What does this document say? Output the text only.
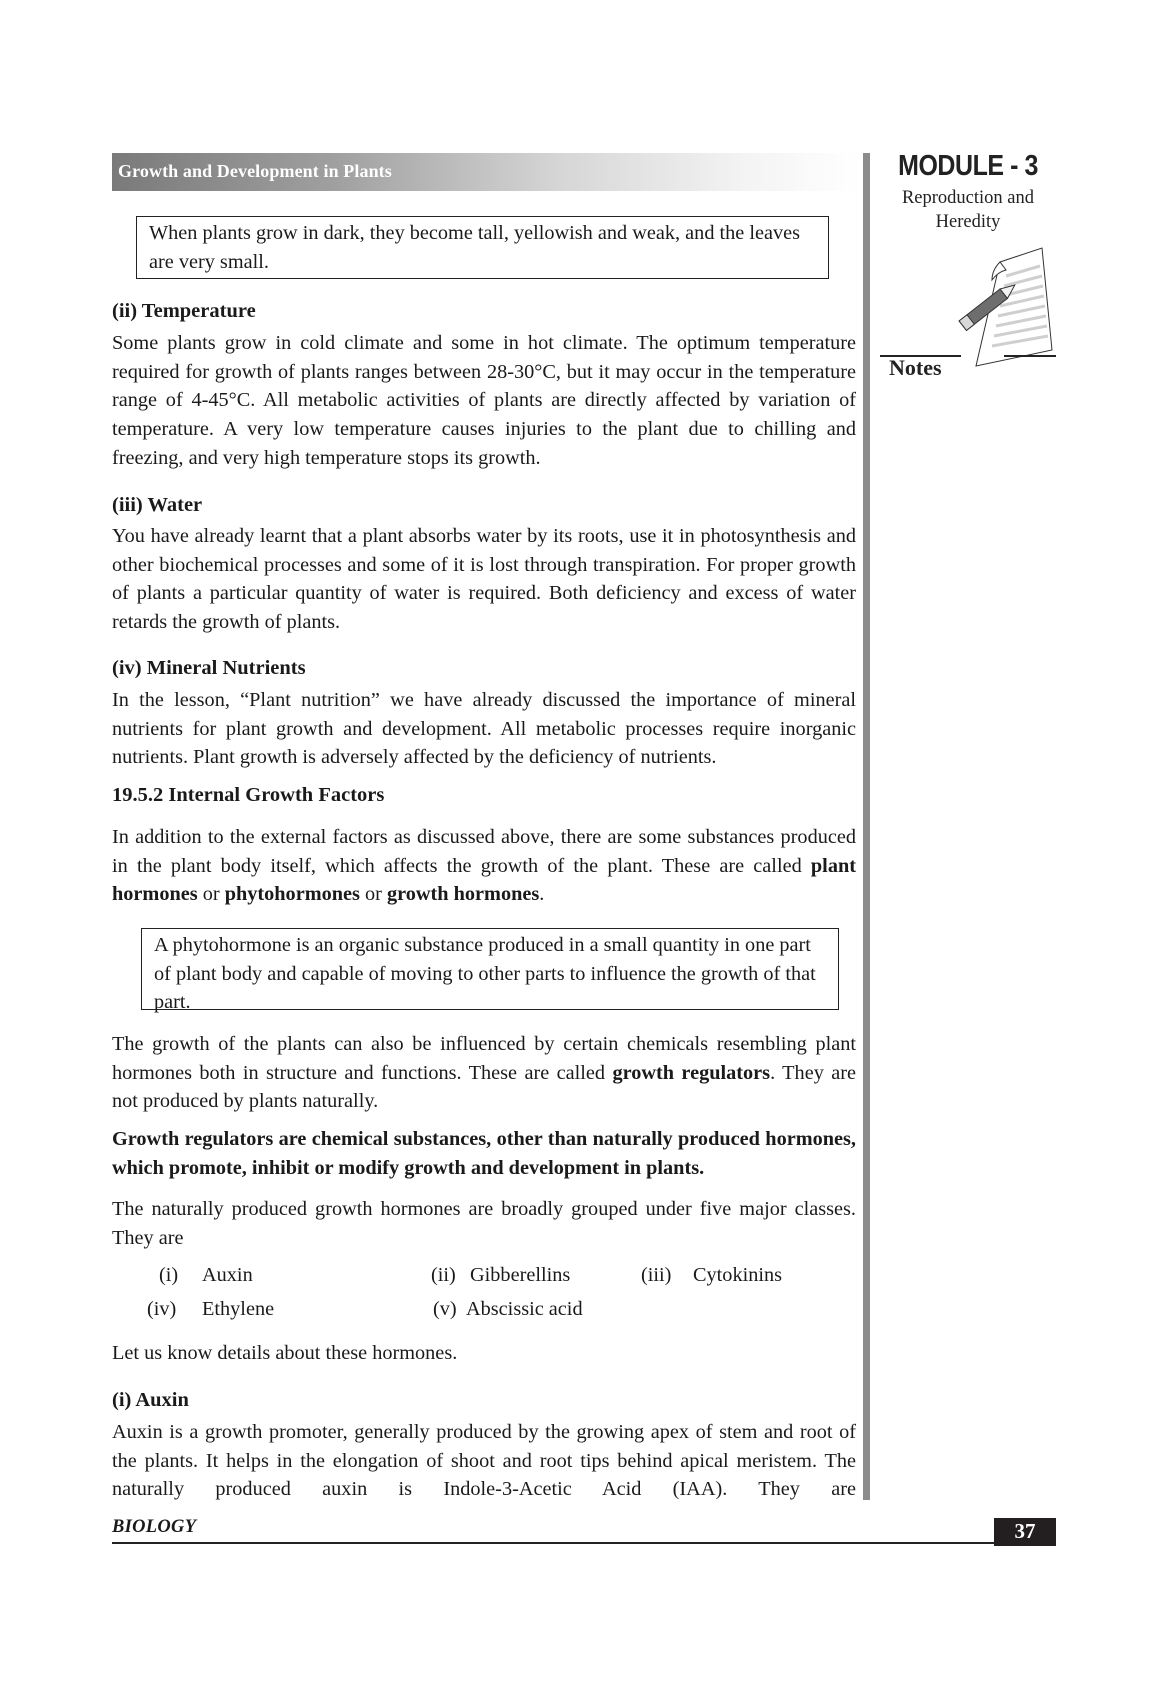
Growth and Development in Plants	MODULE - 3
Reproduction and
Heredity
Notes
When plants grow in dark, they become tall, yellowish and weak, and the leaves are very small.
(ii) Temperature
Some plants grow in cold climate and some in hot climate. The optimum temperature required for growth of plants ranges between 28-30°C, but it may occur in the temperature range of 4-45°C. All metabolic activities of plants are directly affected by variation of temperature. A very low temperature causes injuries to the plant due to chilling and freezing, and very high temperature stops its growth.
(iii) Water
You have already learnt that a plant absorbs water by its roots, use it in photosynthesis and other biochemical processes and some of it is lost through transpiration. For proper growth of plants a particular quantity of water is required. Both deficiency and excess of water retards the growth of plants.
(iv) Mineral Nutrients
In the lesson, “Plant nutrition” we have already discussed the importance of mineral nutrients for plant growth and development. All metabolic processes require inorganic nutrients. Plant growth is adversely affected by the deficiency of nutrients.
19.5.2 Internal Growth Factors
In addition to the external factors as discussed above, there are some substances produced in the plant body itself, which affects the growth of the plant. These are called plant hormones or phytohormones or growth hormones.
A phytohormone is an organic substance produced in a small quantity in one part of plant body and capable of moving to other parts to influence the growth of that part.
The growth of the plants can also be influenced by certain chemicals resembling plant hormones both in structure and functions. These are called growth regulators. They are not produced by plants naturally.
Growth regulators are chemical substances, other than naturally produced hormones, which promote, inhibit or modify growth and development in plants.
The naturally produced growth hormones are broadly grouped under five major classes. They are
(i) Auxin	(ii) Gibberellins	(iii) Cytokinins
(iv) Ethylene	(v) Abscissic acid
Let us know details about these hormones.
(i) Auxin
Auxin is a growth promoter, generally produced by the growing apex of stem and root of the plants. It helps in the elongation of shoot and root tips behind apical meristem. The naturally produced auxin is Indole-3-Acetic Acid (IAA). They are
BIOLOGY	37
